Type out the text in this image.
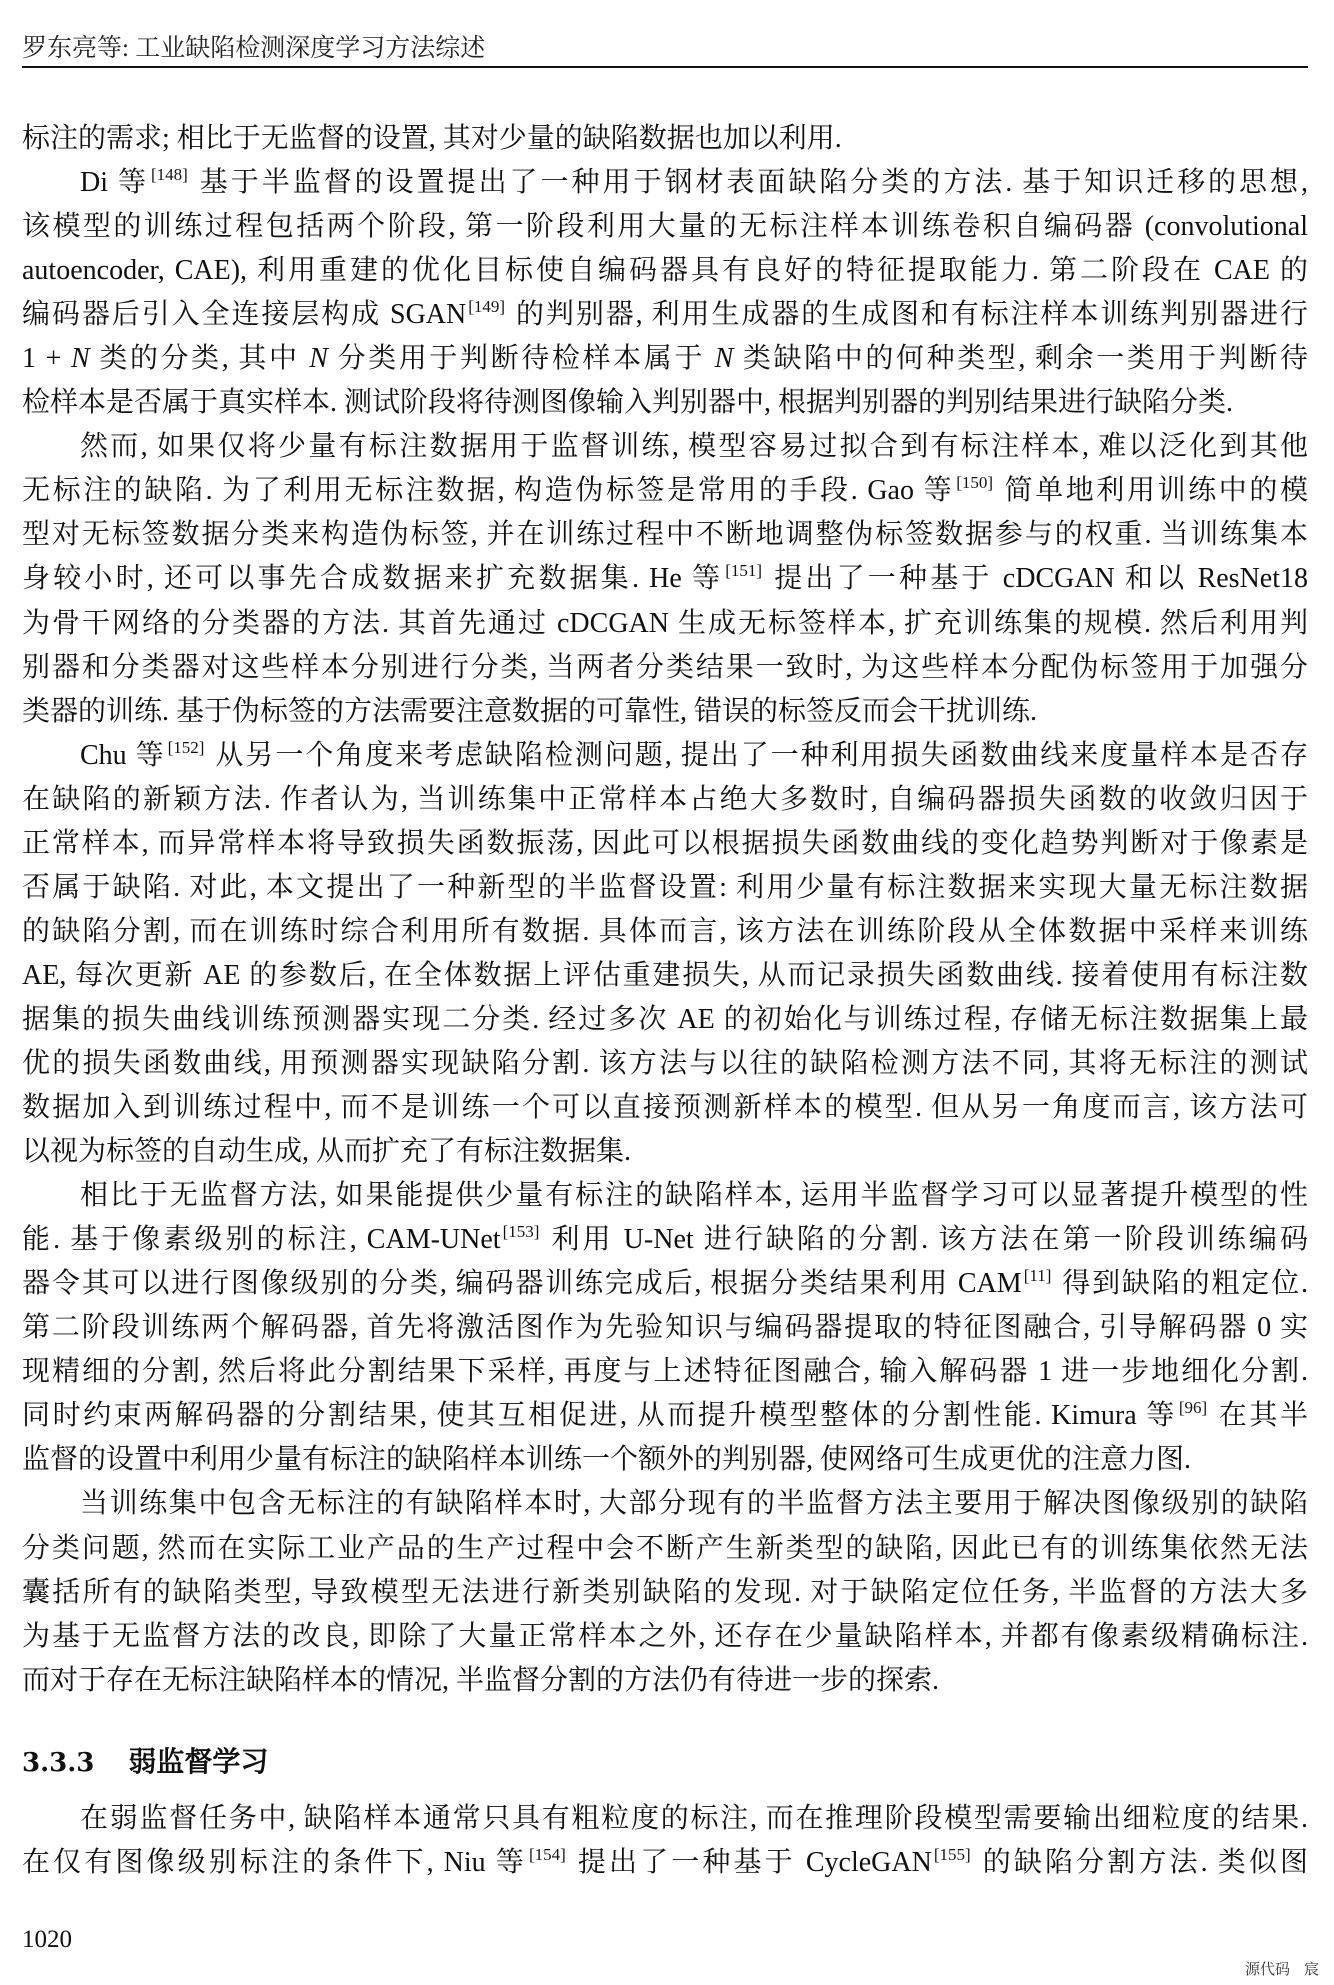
罗东亮等: 工业缺陷检测深度学习方法综述
标注的需求; 相比于无监督的设置, 其对少量的缺陷数据也加以利用.
Di 等 [148] 基于半监督的设置提出了一种用于钢材表面缺陷分类的方法. 基于知识迁移的思想,
该模型的训练过程包括两个阶段, 第一阶段利用大量的无标注样本训练卷积自编码器 (convolutional
autoencoder, CAE), 利用重建的优化目标使自编码器具有良好的特征提取能力. 第二阶段在 CAE 的
编码器后引入全连接层构成 SGAN [149] 的判别器, 利用生成器的生成图和有标注样本训练判别器进行
1 + N 类的分类, 其中 N 分类用于判断待检样本属于 N 类缺陷中的何种类型, 剩余一类用于判断待
检样本是否属于真实样本. 测试阶段将待测图像输入判别器中, 根据判别器的判别结果进行缺陷分类.
然而, 如果仅将少量有标注数据用于监督训练, 模型容易过拟合到有标注样本, 难以泛化到其他
无标注的缺陷. 为了利用无标注数据, 构造伪标签是常用的手段. Gao 等 [150] 简单地利用训练中的模
型对无标签数据分类来构造伪标签, 并在训练过程中不断地调整伪标签数据参与的权重. 当训练集本
身较小时, 还可以事先合成数据来扩充数据集. He 等 [151] 提出了一种基于 cDCGAN 和以 ResNet18
为骨干网络的分类器的方法. 其首先通过 cDCGAN 生成无标签样本, 扩充训练集的规模. 然后利用判
别器和分类器对这些样本分别进行分类, 当两者分类结果一致时, 为这些样本分配伪标签用于加强分
类器的训练. 基于伪标签的方法需要注意数据的可靠性, 错误的标签反而会干扰训练.
Chu 等 [152] 从另一个角度来考虑缺陷检测问题, 提出了一种利用损失函数曲线来度量样本是否存
在缺陷的新颖方法. 作者认为, 当训练集中正常样本占绝大多数时, 自编码器损失函数的收敛归因于
正常样本, 而异常样本将导致损失函数振荡, 因此可以根据损失函数曲线的变化趋势判断对于像素是
否属于缺陷. 对此, 本文提出了一种新型的半监督设置: 利用少量有标注数据来实现大量无标注数据
的缺陷分割, 而在训练时综合利用所有数据. 具体而言, 该方法在训练阶段从全体数据中采样来训练
AE, 每次更新 AE 的参数后, 在全体数据上评估重建损失, 从而记录损失函数曲线. 接着使用有标注数
据集的损失曲线训练预测器实现二分类. 经过多次 AE 的初始化与训练过程, 存储无标注数据集上最
优的损失函数曲线, 用预测器实现缺陷分割. 该方法与以往的缺陷检测方法不同, 其将无标注的测试
数据加入到训练过程中, 而不是训练一个可以直接预测新样本的模型. 但从另一角度而言, 该方法可
以视为标签的自动生成, 从而扩充了有标注数据集.
相比于无监督方法, 如果能提供少量有标注的缺陷样本, 运用半监督学习可以显著提升模型的性
能. 基于像素级别的标注, CAM-UNet [153] 利用 U-Net 进行缺陷的分割. 该方法在第一阶段训练编码
器令其可以进行图像级别的分类, 编码器训练完成后, 根据分类结果利用 CAM [11] 得到缺陷的粗定位.
第二阶段训练两个解码器, 首先将激活图作为先验知识与编码器提取的特征图融合, 引导解码器 0 实
现精细的分割, 然后将此分割结果下采样, 再度与上述特征图融合, 输入解码器 1 进一步地细化分割.
同时约束两解码器的分割结果, 使其互相促进, 从而提升模型整体的分割性能. Kimura 等 [96] 在其半
监督的设置中利用少量有标注的缺陷样本训练一个额外的判别器, 使网络可生成更优的注意力图.
当训练集中包含无标注的有缺陷样本时, 大部分现有的半监督方法主要用于解决图像级别的缺陷
分类问题, 然而在实际工业产品的生产过程中会不断产生新类型的缺陷, 因此已有的训练集依然无法
囊括所有的缺陷类型, 导致模型无法进行新类别缺陷的发现. 对于缺陷定位任务, 半监督的方法大多
为基于无监督方法的改良, 即除了大量正常样本之外, 还存在少量缺陷样本, 并都有像素级精确标注.
而对于存在无标注缺陷样本的情况, 半监督分割的方法仍有待进一步的探索.
3.3.3 弱监督学习
在弱监督任务中, 缺陷样本通常只具有粗粒度的标注, 而在推理阶段模型需要输出细粒度的结果.
在仅有图像级别标注的条件下, Niu 等 [154] 提出了一种基于 CycleGAN [155] 的缺陷分割方法. 类似图
1020
源代码 宸
